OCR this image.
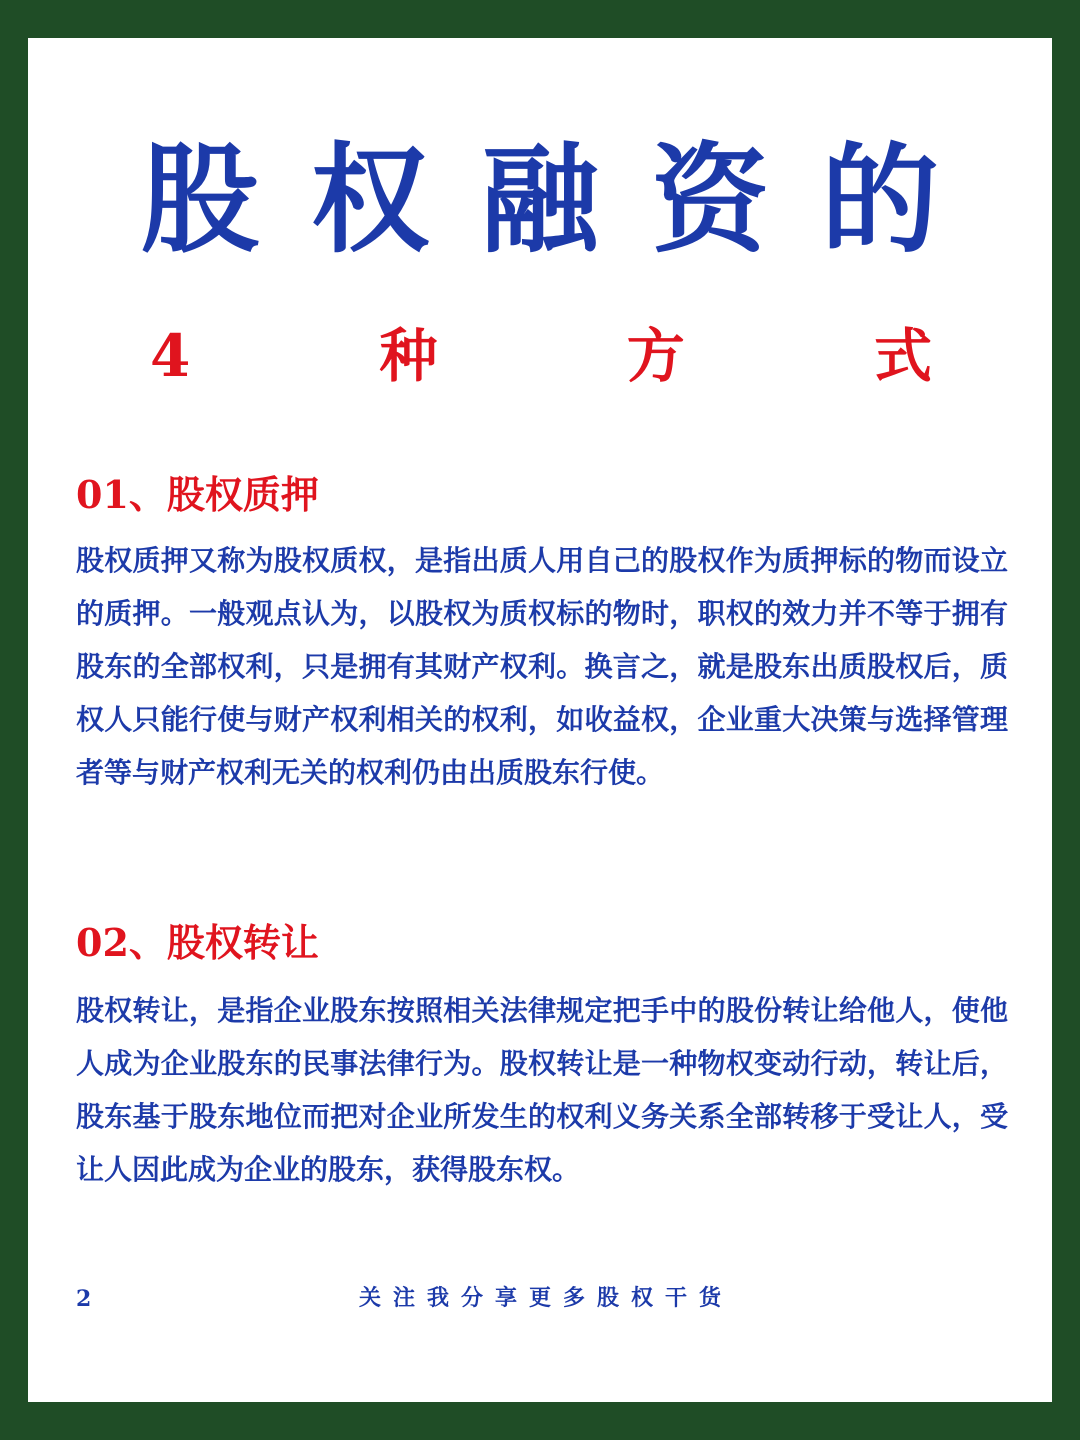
股权融资的
4	种	方	式
01、股权质押
股权质押又称为股权质权，是指出质人用自己的股权作为质押标的物而设立的质押。一般观点认为，以股权为质权标的物时，职权的效力并不等于拥有股东的全部权利，只是拥有其财产权利。换言之，就是股东出质股权后，质权人只能行使与财产权利相关的权利，如收益权，企业重大决策与选择管理者等与财产权利无关的权利仍由出质股东行使。
02、股权转让
股权转让，是指企业股东按照相关法律规定把手中的股份转让给他人，使他人成为企业股东的民事法律行为。股权转让是一种物权变动行动，转让后，股东基于股东地位而把对企业所发生的权利义务关系全部转移于受让人，受让人因此成为企业的股东，获得股东权。
2	关注我分享更多股权干货
